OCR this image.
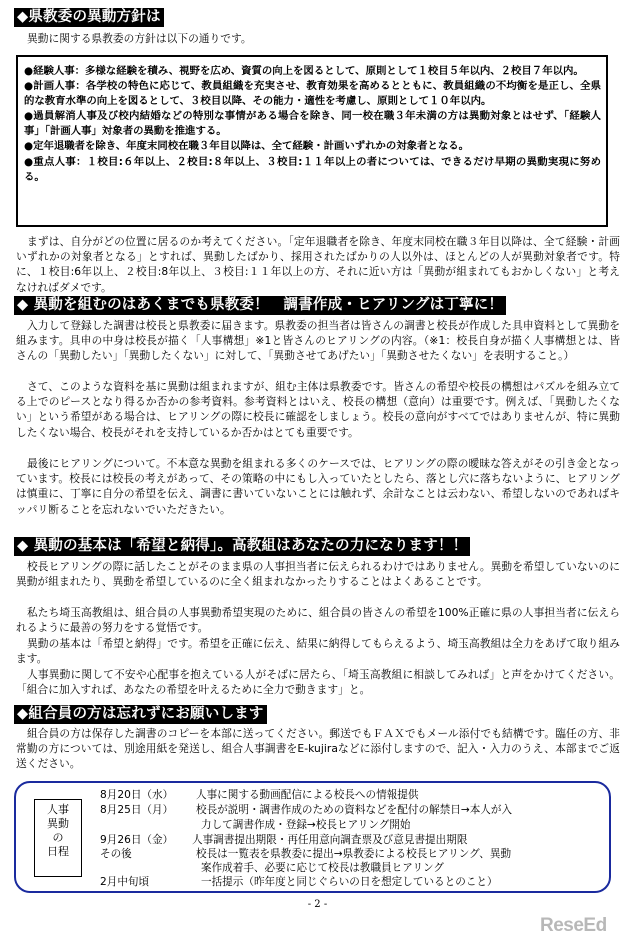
◆県教委の異動方針は

異動に関する県教委の方針は以下の通りです。

●経験人事：多様な経験を積み、視野を広め、資質の向上を図るとして、原則として１校目５年以内、２校目７年以内。

●計画人事：各学校の特色に応じて、教員組織を充実させ、教育効果を高めるとともに、教員組織の不均衡を是正し、全県的な教育水準の向上を図るとして、３校目以降、その能力・適性を考慮し、原則として１０年以内。

●過員解消人事及び校内結婚などの特別な事情がある場合を除き、同一校在職３年未満の方は異動対象とはせず、「経験人事」「計画人事」対象者の異動を推進する。

●定年退職者を除き、年度末同校在職３年目以降は、全て経験・計画いずれかの対象者となる。

●重点人事：１校目:６年以上、２校目:８年以上、３校目:１１年以上の者については、できるだけ早期の異動実現に努める。

まずは、自分がどの位置に居るのか考えてください。「定年退職者を除き、年度末同校在職３年目以降は、全て経験・計画いずれかの対象者となる」とすれば、異動したばかり、採用されたばかりの人以外は、ほとんどの人が異動対象者です。特に、１校目:6年以上、２校目:8年以上、３校目:１１年以上の方、それに近い方は「異動が組まれてもおかしくない」と考えなければダメです。

◆ 異動を組むのはあくまでも県教委！　調書作成・ヒアリングは丁寧に！

入力して登録した調書は校長と県教委に届きます。県教委の担当者は皆さんの調書と校長が作成した具申資料として異動を組みます。具申の中身は校長が描く「人事構想」※1と皆さんのヒアリングの内容。（※1：校長自身が描く人事構想とは、皆さんの「異動したい」「異動したくない」に対して、「異動させてあげたい」「異動させたくない」を表明すること。）

さて、このような資料を基に異動は組まれますが、組む主体は県教委です。皆さんの希望や校長の構想はパズルを組み立てる上でのピースとなり得るか否かの参考資料。参考資料とはいえ、校長の構想（意向）は重要です。例えば、「異動したくない」という希望がある場合は、ヒアリングの際に校長に確認をしましょう。校長の意向がすべてではありませんが、特に異動したくない場合、校長がそれを支持しているか否かはとても重要です。

最後にヒアリングについて。不本意な異動を組まれる多くのケースでは、ヒアリングの際の曖昧な答えがその引き金となっています。校長には校長の考えがあって、その策略の中にもし入っていたとしたら、落とし穴に落ちないように、ヒアリングは慎重に、丁寧に自分の希望を伝え、調書に書いていないことには触れず、余計なことは云わない、希望しないのであればキッパリ断ることを忘れないでいただきたい。

◆ 異動の基本は「希望と納得」。高教組はあなたの力になります！！

校長ヒアリングの際に話したことがそのまま県の人事担当者に伝えられるわけではありません。異動を希望していないのに異動が組まれたり、異動を希望しているのに全く組まれなかったりすることはよくあることです。

私たち埼玉高教組は、組合員の人事異動希望実現のために、組合員の皆さんの希望を100%正確に県の人事担当者に伝えられるように最善の努力をする覚悟です。

異動の基本は「希望と納得」です。希望を正確に伝え、結果に納得してもらえるよう、埼玉高教組は全力をあげて取り組みます。

人事異動に関して不安や心配事を抱えている人がそばに居たら、「埼玉高教組に相談してみれば」と声をかけてください。「組合に加入すれば、あなたの希望を叶えるために全力で動きます」と。

◆組合員の方は忘れずにお願いします

組合員の方は保存した調書のコピーを本部に送ってください。郵送でもＦＡＸでもメール添付でも結構です。臨任の方、非常勤の方については、別途用紙を発送し、組合人事調書をE-kujiraなどに添付しますので、記入・入力のうえ、本部までご返送ください。

人事
異動
の
日程
8月20日（水） 人事に関する動画配信による校長への情報提供
8月25日（月） 校長が説明・調書作成のための資料などを配付の解禁日→本人が入
力して調書作成・登録→校長ヒアリング開始
9月26日（金） 人事調書提出期限・再任用意向調査票及び意見書提出期限
その後	校長は一覧表を県教委に提出→県教委による校長ヒアリング、異動
案作成着手、必要に応じて校長は教職員ヒアリング
2月中旬頃	一括提示（昨年度と同じぐらいの日を想定しているとのこと）
- 2 -
ReseEd
